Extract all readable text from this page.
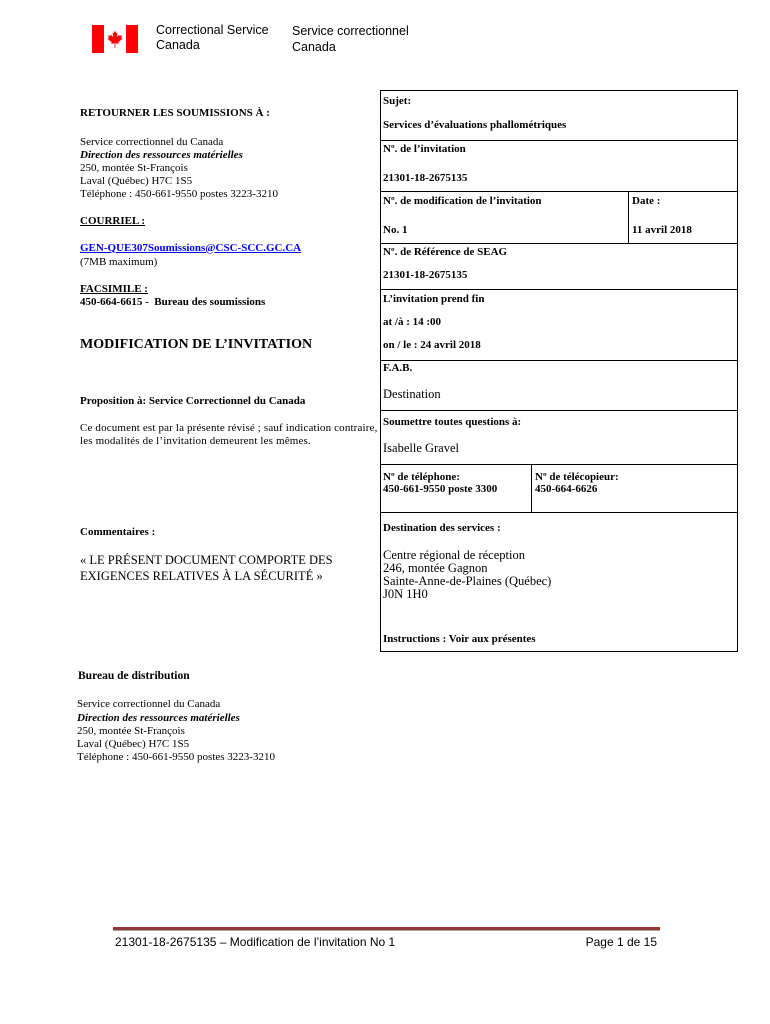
Correctional Service
Canada
Service correctionnel
Canada
RETOURNER LES SOUMISSIONS À :
Service correctionnel du Canada
Direction des ressources matérielles
250, montée St-François
Laval (Québec) H7C 1S5
Téléphone : 450-661-9550 postes 3223-3210
COURRIEL :
GEN-QUE307Soumissions@CSC-SCC.GC.CA
(7MB maximum)
FACSIMILE :
450-664-6615 -  Bureau des soumissions
MODIFICATION DE L’INVITATION
Proposition à: Service Correctionnel du Canada
Ce document est par la présente révisé ; sauf indication contraire,
les modalités de l’invitation demeurent les mêmes.
Commentaires :
« LE PRÉSENT DOCUMENT COMPORTE DES
EXIGENCES RELATIVES À LA SÉCURITÉ »
Sujet:
Services d’évaluations phallométriques
Nº. de l’invitation
21301-18-2675135
Nº. de modification de l’invitation
No. 1
Date :
11 avril 2018
Nº. de Référence de SEAG
21301-18-2675135
L’invitation prend fin
at /à : 14 :00
on / le : 24 avril 2018
F.A.B.
Destination
Soumettre toutes questions à:
Isabelle Gravel
Nº de téléphone:
450-661-9550 poste 3300
Nº de télécopieur:
450-664-6626
Destination des services :
Centre régional de réception
246, montée Gagnon
Sainte-Anne-de-Plaines (Québec)
J0N 1H0
Instructions : Voir aux présentes
Bureau de distribution
Service correctionnel du Canada
Direction des ressources matérielles
250, montée St-François
Laval (Québec) H7C 1S5
Téléphone : 450-661-9550 postes 3223-3210
21301-18-2675135 – Modification de l’invitation No 1	Page 1 de 15
